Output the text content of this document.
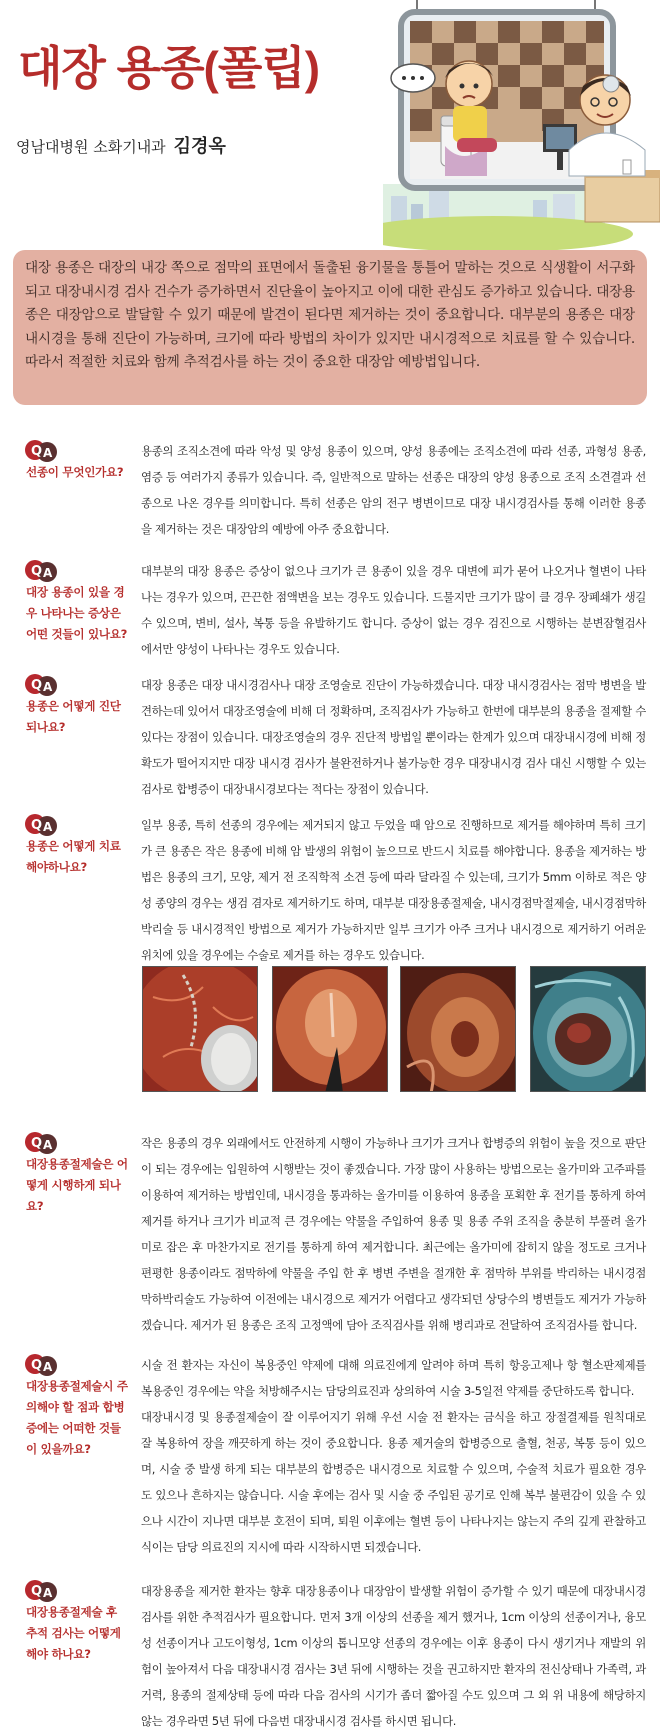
대장 용종(폴립)
영남대병원 소화기내과 김경옥

대장 용종은 대장의 내강 쪽으로 점막의 표면에서 돌출된 융기물을 통틀어 말하는 것으로 식생활이 서구화되고 대장내시경 검사 건수가 증가하면서 진단율이 높아지고 이에 대한 관심도 증가하고 있습니다. 대장용종은 대장암으로 발달할 수 있기 때문에 발견이 된다면 제거하는 것이 중요합니다. 대부분의 용종은 대장내시경을 통해 진단이 가능하며, 크기에 따라 방법의 차이가 있지만 내시경적으로 치료를 할 수 있습니다. 따라서 적절한 치료와 함께 추적검사를 하는 것이 중요한 대장암 예방법입니다.

Q A
선종이 무엇인가요?

용종의 조직소견에 따라 악성 및 양성 용종이 있으며, 양성 용종에는 조직소견에 따라 선종, 과형성 용종, 염증 등 여러가지 종류가 있습니다. 즉, 일반적으로 말하는 선종은 대장의 양성 용종으로 조직 소견결과 선종으로 나온 경우를 의미합니다. 특히 선종은 암의 전구 병변이므로 대장 내시경검사를 통해 이러한 용종을 제거하는 것은 대장암의 예방에 아주 중요합니다.

Q A
대장 용종이 있을 경우 나타나는 증상은 어떤 것들이 있나요?

대부분의 대장 용종은 증상이 없으나 크기가 큰 용종이 있을 경우 대변에 피가 묻어 나오거나 혈변이 나타나는 경우가 있으며, 끈끈한 점액변을 보는 경우도 있습니다. 드물지만 크기가 많이 클 경우 장폐쇄가 생길 수 있으며, 변비, 설사, 복통 등을 유발하기도 합니다. 증상이 없는 경우 검진으로 시행하는 분변잠혈검사에서만 양성이 나타나는 경우도 있습니다.

Q A
용종은 어떻게 진단되나요?

대장 용종은 대장 내시경검사나 대장 조영술로 진단이 가능하겠습니다. 대장 내시경검사는 점막 병변을 발견하는데 있어서 대장조영술에 비해 더 정확하며, 조직검사가 가능하고 한번에 대부분의 용종을 절제할 수 있다는 장점이 있습니다. 대장조영술의 경우 진단적 방법일 뿐이라는 한계가 있으며 대장내시경에 비해 정확도가 떨어지지만 대장 내시경 검사가 불완전하거나 불가능한 경우 대장내시경 검사 대신 시행할 수 있는 검사로 합병증이 대장내시경보다는 적다는 장점이 있습니다.

Q A
용종은 어떻게 치료해야하나요?

일부 용종, 특히 선종의 경우에는 제거되지 않고 두었을 때 암으로 진행하므로 제거를 해야하며 특히 크기가 큰 용종은 작은 용종에 비해 암 발생의 위험이 높으므로 반드시 치료를 해야합니다. 용종을 제거하는 방법은 용종의 크기, 모양, 제거 전 조직학적 소견 등에 따라 달라질 수 있는데, 크기가 5mm 이하로 적은 양성 종양의 경우는 생검 겸자로 제거하기도 하며, 대부분 대장용종절제술, 내시경점막절제술, 내시경점막하박리술 등 내시경적인 방법으로 제거가 가능하지만 일부 크기가 아주 크거나 내시경으로 제거하기 어려운 위치에 있을 경우에는 수술로 제거를 하는 경우도 있습니다.

Q A
대장용종절제술은 어떻게 시행하게 되나요?

작은 용종의 경우 외래에서도 안전하게 시행이 가능하나 크기가 크거나 합병증의 위험이 높을 것으로 판단이 되는 경우에는 입원하여 시행받는 것이 좋겠습니다. 가장 많이 사용하는 방법으로는 올가미와 고주파를 이용하여 제거하는 방법인데, 내시경을 통과하는 올가미를 이용하여 용종을 포획한 후 전기를 통하게 하여 제거를 하거나 크기가 비교적 큰 경우에는 약물을 주입하여 용종 및 용종 주위 조직을 충분히 부풀려 올가미로 잡은 후 마찬가지로 전기를 통하게 하여 제거합니다. 최근에는 올가미에 잡히지 않을 정도로 크거나 편평한 용종이라도 점막하에 약물을 주입 한 후 병변 주변을 절개한 후 점막하 부위를 박리하는 내시경점막하박리술도 가능하여 이전에는 내시경으로 제거가 어렵다고 생각되던 상당수의 병변들도 제거가 가능하겠습니다. 제거가 된 용종은 조직 고정액에 담아 조직검사를 위해 병리과로 전달하여 조직검사를 합니다.

Q A
대장용종절제술시 주의해야 할 점과 합병증에는 어떠한 것들이 있을까요?

시술 전 환자는 자신이 복용중인 약제에 대해 의료진에게 알려야 하며 특히 항응고제나 항 혈소판제제를 복용중인 경우에는 약을 처방해주시는 담당의료진과 상의하여 시술 3-5일전 약제를 중단하도록 합니다.

대장내시경 및 용종절제술이 잘 이루어지기 위해 우선 시술 전 환자는 금식을 하고 장절결제를 원칙대로 잘 복용하여 장을 깨끗하게 하는 것이 중요합니다. 용종 제거술의 합병증으로 출혈, 천공, 복통 등이 있으며, 시술 중 발생 하게 되는 대부분의 합병증은 내시경으로 치료할 수 있으며, 수술적 치료가 필요한 경우도 있으나 흔하지는 않습니다. 시술 후에는 검사 및 시술 중 주입된 공기로 인해 복부 불편감이 있을 수 있으나 시간이 지나면 대부분 호전이 되며, 퇴원 이후에는 혈변 등이 나타나지는 않는지 주의 깊게 관찰하고 식이는 담당 의료진의 지시에 따라 시작하시면 되겠습니다.

Q A
대장용종절제술 후 추적 검사는 어떻게 해야 하나요?

대장용종을 제거한 환자는 향후 대장용종이나 대장암이 발생할 위험이 증가할 수 있기 때문에 대장내시경검사를 위한 추적검사가 필요합니다. 먼저 3개 이상의 선종을 제거 했거나, 1cm 이상의 선종이거나, 융모성 선종이거나 고도이형성, 1cm 이상의 톱니모양 선종의 경우에는 이후 용종이 다시 생기거나 재발의 위험이 높아져서 다음 대장내시경 검사는 3년 뒤에 시행하는 것을 권고하지만 환자의 전신상태나 가족력, 과거력, 용종의 절제상태 등에 따라 다음 검사의 시기가 좀더 짧아질 수도 있으며 그 외 위 내용에 해당하지 않는 경우라면 5년 뒤에 다음번 대장내시경 검사를 하시면 됩니다.
